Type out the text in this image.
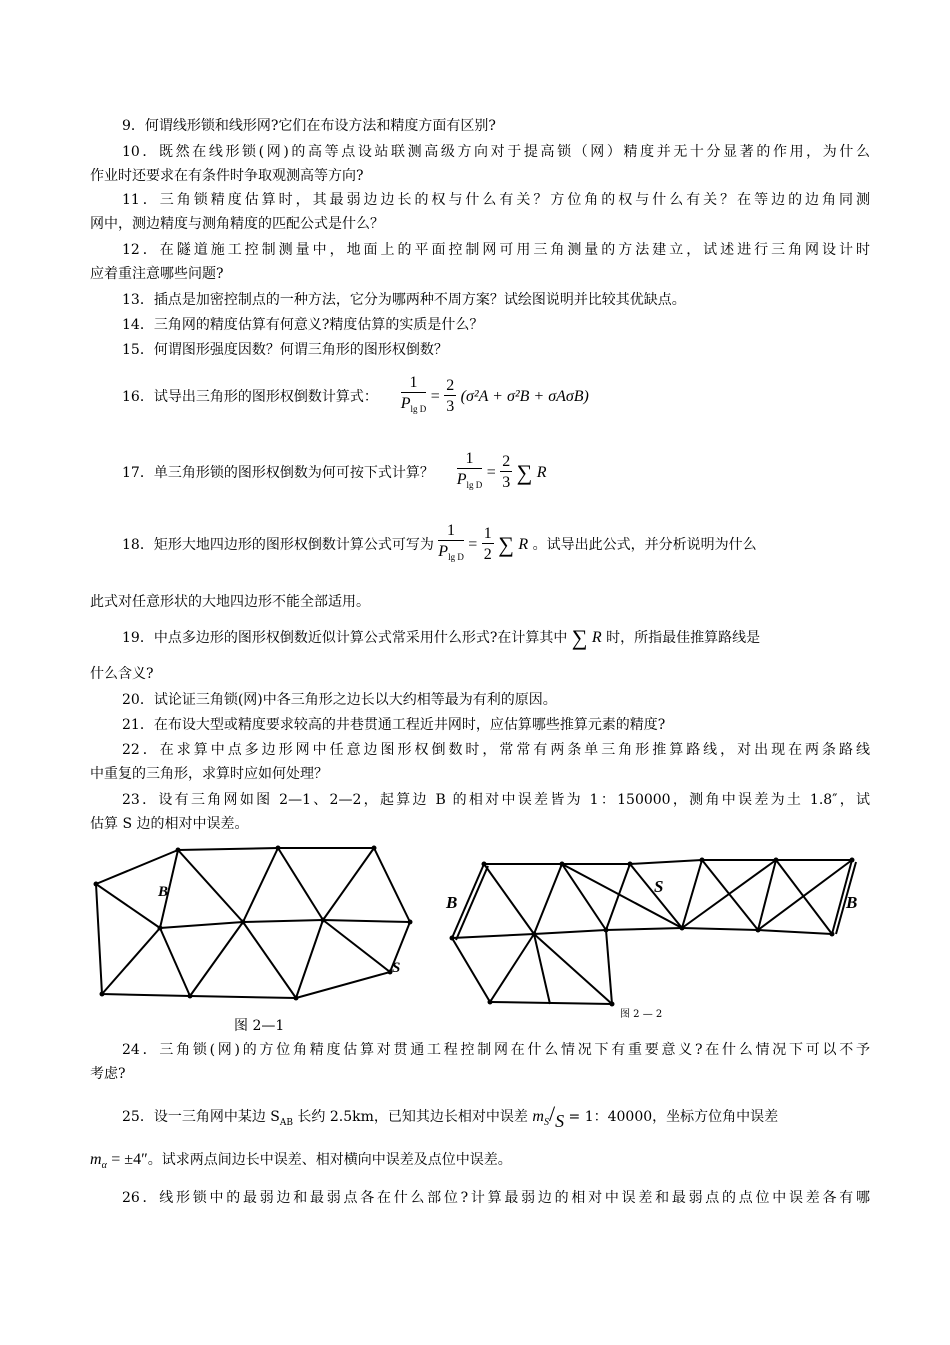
9．何谓线形锁和线形网?它们在布设方法和精度方面有区别?
10．既然在线形锁(网)的高等点设站联测高级方向对于提高锁（网）精度并无十分显著的作用，为什么
作业时还要求在有条件时争取观测高等方向?
11．三角锁精度估算时，其最弱边边长的权与什么有关？方位角的权与什么有关？在等边的边角同测
网中，测边精度与测角精度的匹配公式是什么？
12．在隧道施工控制测量中，地面上的平面控制网可用三角测量的方法建立，试述进行三角网设计时
应着重注意哪些问题?
13．插点是加密控制点的一种方法，它分为哪两种不周方案？试绘图说明并比较其优缺点。
14．三角网的精度估算有何意义?精度估算的实质是什么？
15．何谓图形强度因数？何谓三角形的图形权倒数？
16．试导出三角形的图形权倒数计算式： $\frac{1}{P_{lg D}} = \frac{2}{3} (\sigma^2A + \sigma^2B + \sigma A\sigma B)$
17．单三角形锁的图形权倒数为何可按下式计算？ $\frac{1}{P_{lg D}} = \frac{2}{3}$ ∑ R
18．矩形大地四边形的图形权倒数计算公式可写为 $\frac{1}{P_{lg D}} = \frac{1}{2}$ ∑ R 。试导出此公式，并分析说明为什么
此式对任意形状的大地四边形不能全部适用。
19．中点多边形的图形权倒数近似计算公式常采用什么形式?在计算其中 ∑ R 时，所指最佳推算路线是
什么含义?
20．试论证三角锁(网)中各三角形之边长以大约相等最为有利的原因。
21．在布设大型或精度要求较高的井巷贯通工程近井网时，应估算哪些推算元素的精度?
22．在求算中点多边形网中任意边图形权倒数时，常常有两条单三角形推算路线，对出现在两条路线
中重复的三角形，求算时应如何处理？
23．设有三角网如图 2—1、2—2，起算边 B 的相对中误差皆为 1：150000，测角中误差为土 1.8″，试
估算 S 边的相对中误差。
B
S
图 2—1
B
S
B
图 2 — 2
24．三角锁(网)的方位角精度估算对贯通工程控制网在什么情况下有重要意义?在什么情况下可以不予
考虑?
25．设一三角网中某边 $S_{AB}$ 长约 2.5km，已知其边长相对中误差 $m_S/S = 1$：40000，坐标方位角中误差
$m_\alpha = \pm 4''$。试求两点间边长中误差、相对横向中误差及点位中误差。
26．线形锁中的最弱边和最弱点各在什么部位?计算最弱边的相对中误差和最弱点的点位中误差各有哪
